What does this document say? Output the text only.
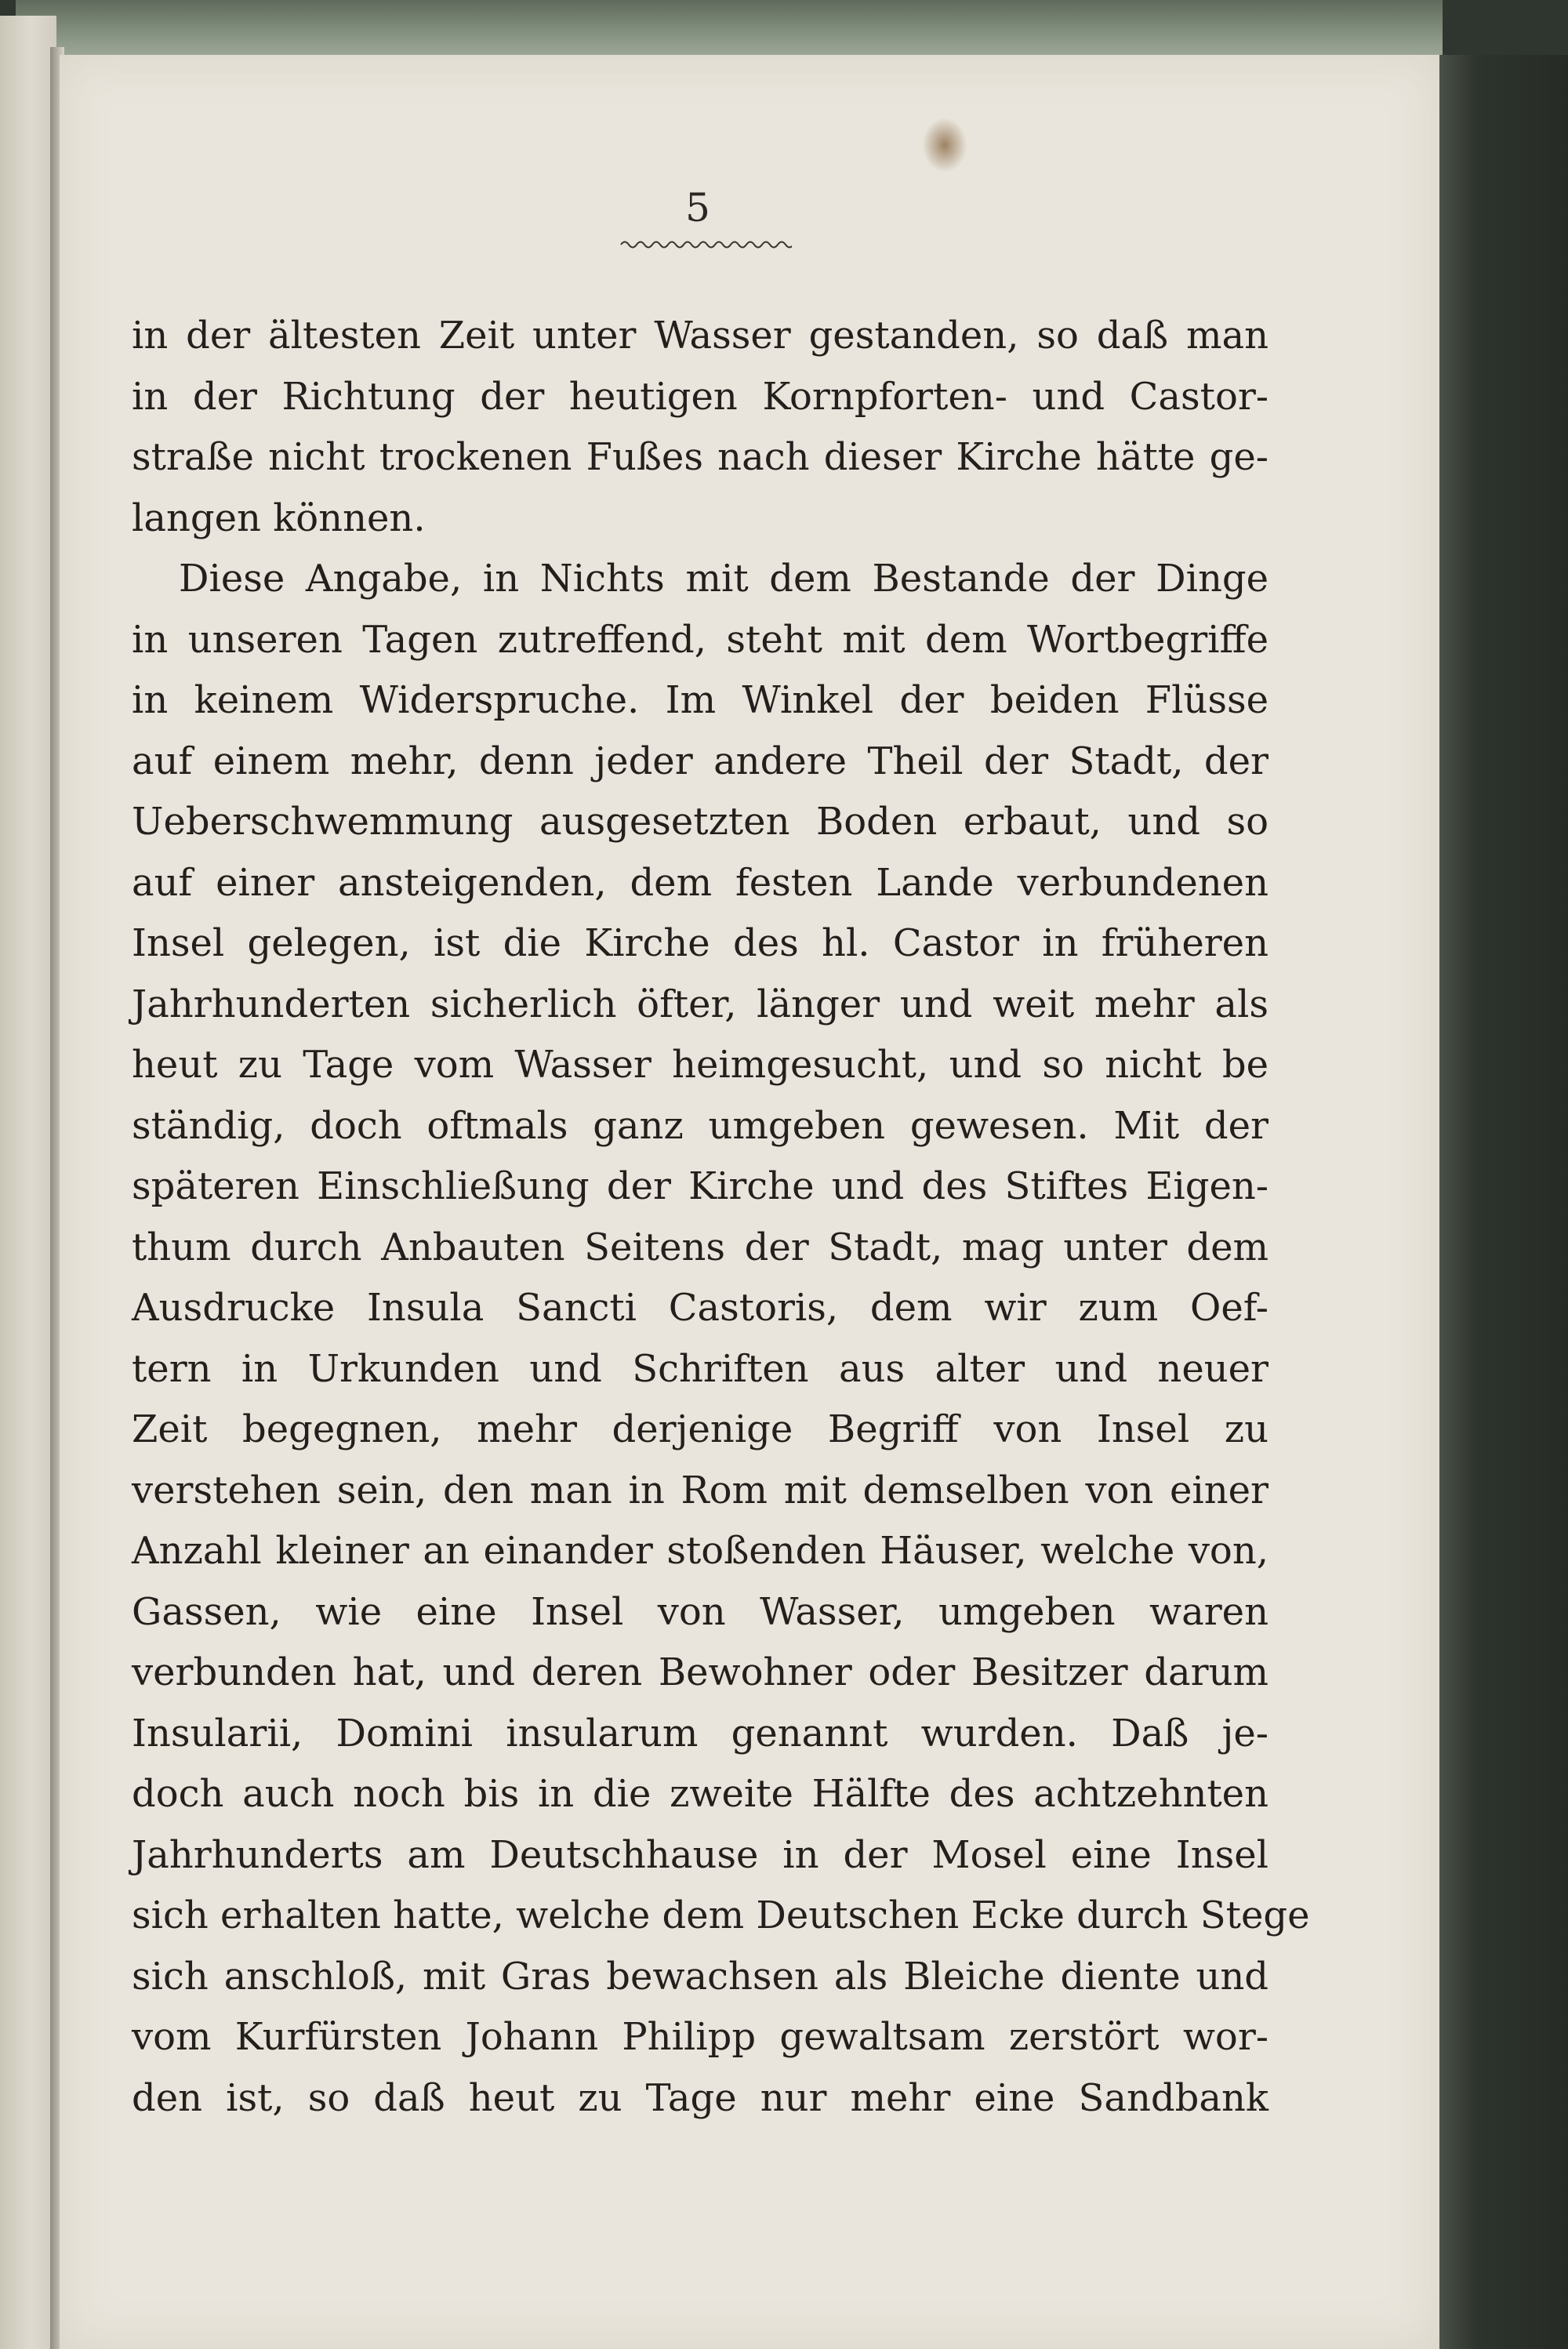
5
in der ältesten Zeit unter Wasser gestanden, so daß man
in der Richtung der heutigen Kornpforten- und Castor-
straße nicht trockenen Fußes nach dieser Kirche hätte ge-
langen können.
Diese Angabe, in Nichts mit dem Bestande der Dinge
in unseren Tagen zutreffend, steht mit dem Wortbegriffe
in keinem Widerspruche. Im Winkel der beiden Flüsse
auf einem mehr, denn jeder andere Theil der Stadt, der
Ueberschwemmung ausgesetzten Boden erbaut, und so
auf einer ansteigenden, dem festen Lande verbundenen
Insel gelegen, ist die Kirche des hl. Castor in früheren
Jahrhunderten sicherlich öfter, länger und weit mehr als
heut zu Tage vom Wasser heimgesucht, und so nicht be
ständig, doch oftmals ganz umgeben gewesen. Mit der
späteren Einschließung der Kirche und des Stiftes Eigen-
thum durch Anbauten Seitens der Stadt, mag unter dem
Ausdrucke Insula Sancti Castoris, dem wir zum Oef-
tern in Urkunden und Schriften aus alter und neuer
Zeit begegnen, mehr derjenige Begriff von Insel zu
verstehen sein, den man in Rom mit demselben von einer
Anzahl kleiner an einander stoßenden Häuser, welche von,
Gassen, wie eine Insel von Wasser, umgeben waren
verbunden hat, und deren Bewohner oder Besitzer darum
Insularii, Domini insularum genannt wurden. Daß je-
doch auch noch bis in die zweite Hälfte des achtzehnten
Jahrhunderts am Deutschhause in der Mosel eine Insel
sich erhalten hatte, welche dem Deutschen Ecke durch Stege
sich anschloß, mit Gras bewachsen als Bleiche diente und
vom Kurfürsten Johann Philipp gewaltsam zerstört wor-
den ist, so daß heut zu Tage nur mehr eine Sandbank
